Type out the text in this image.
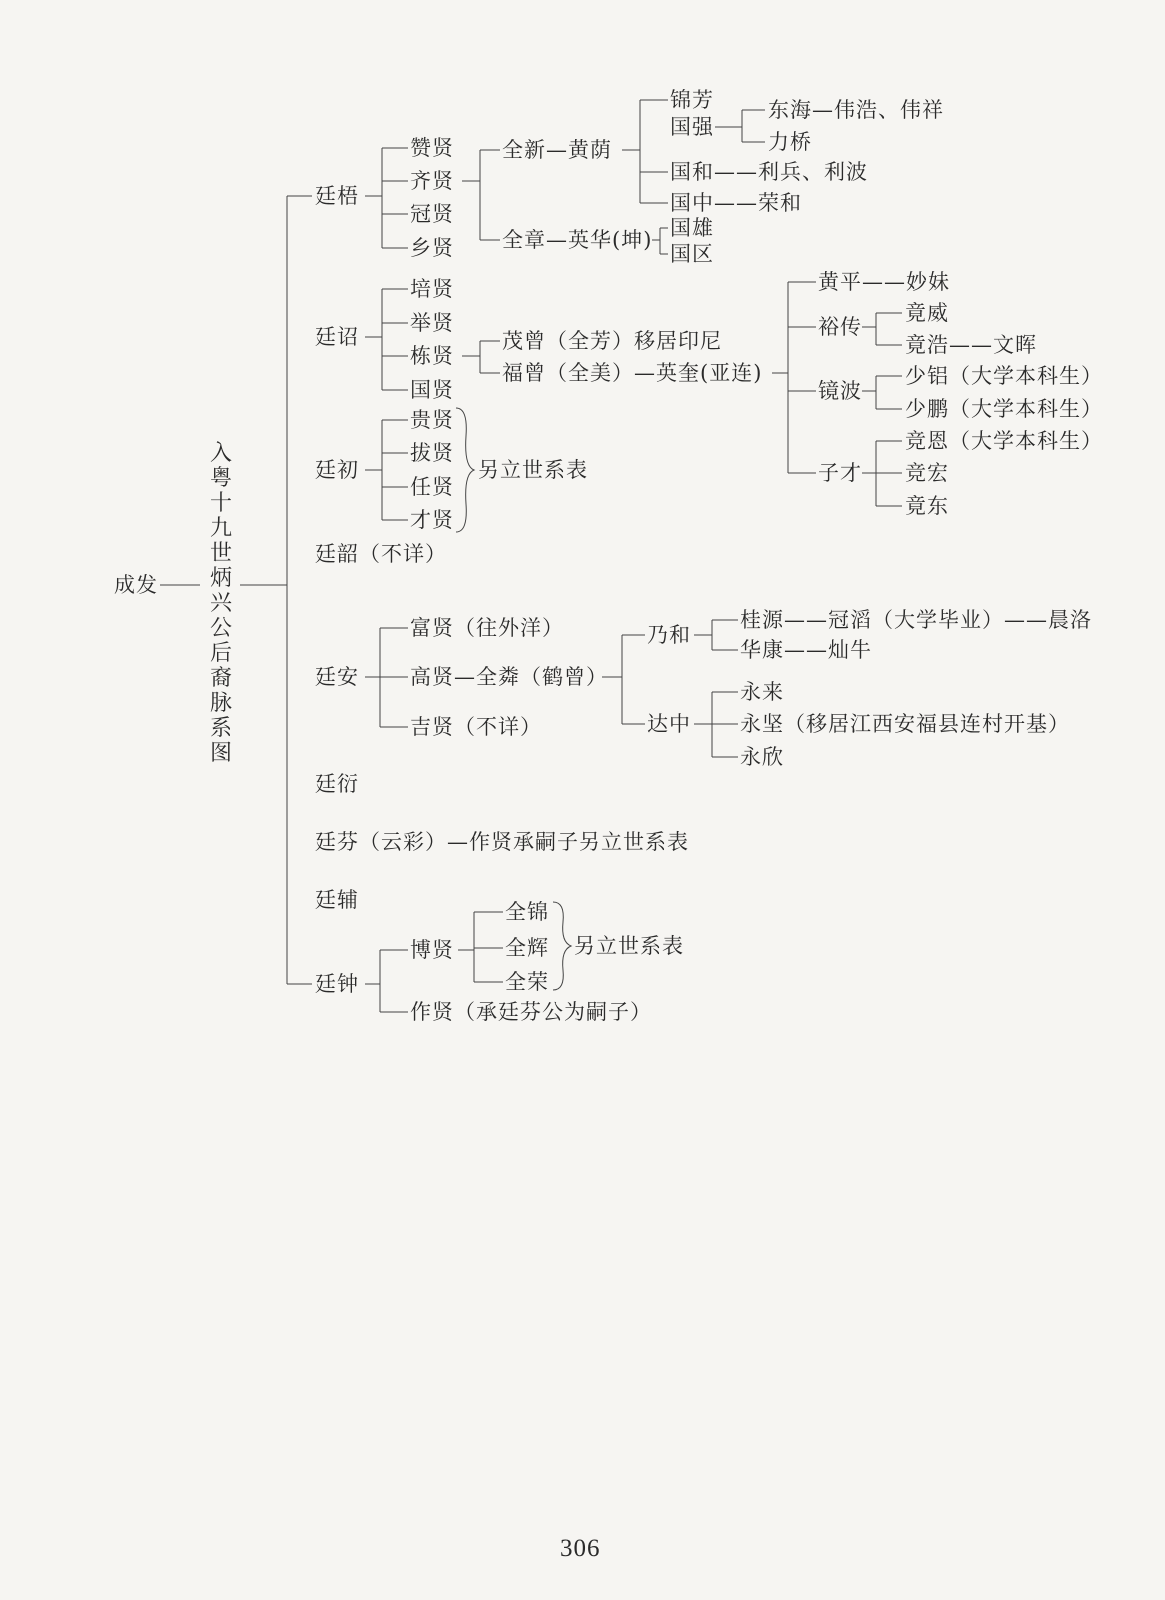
成发
入粤十九世炳兴公后裔脉系图
廷梧
廷诏
廷初
廷韶（不详）
廷安
廷衍
廷芬（云彩）—作贤承嗣子另立世系表
廷辅
廷钟
赞贤
齐贤
冠贤
乡贤
全新—黄荫
全章—英华(坤)
锦芳
国强
东海—伟浩、伟祥
力桥
国和——利兵、利波
国中——荣和
国雄
国区
培贤
举贤
栋贤
国贤
茂曾（全芳）移居印尼
福曾（全美）—英奎(亚连)
黄平——妙妹
裕传
竟威
竟浩——文晖
镜波
少铝（大学本科生）
少鹏（大学本科生）
子才
竞恩（大学本科生）
竞宏
竟东
贵贤
拔贤
任贤
才贤
另立世系表
富贤（往外洋）
高贤—全粦（鹤曾）
吉贤（不详）
乃和
桂源——冠滔（大学毕业）——晨洛
华康——灿牛
达中
永来
永坚（移居江西安福县连村开基）
永欣
博贤
全锦
全辉
全荣
另立世系表
作贤（承廷芬公为嗣子）
306
